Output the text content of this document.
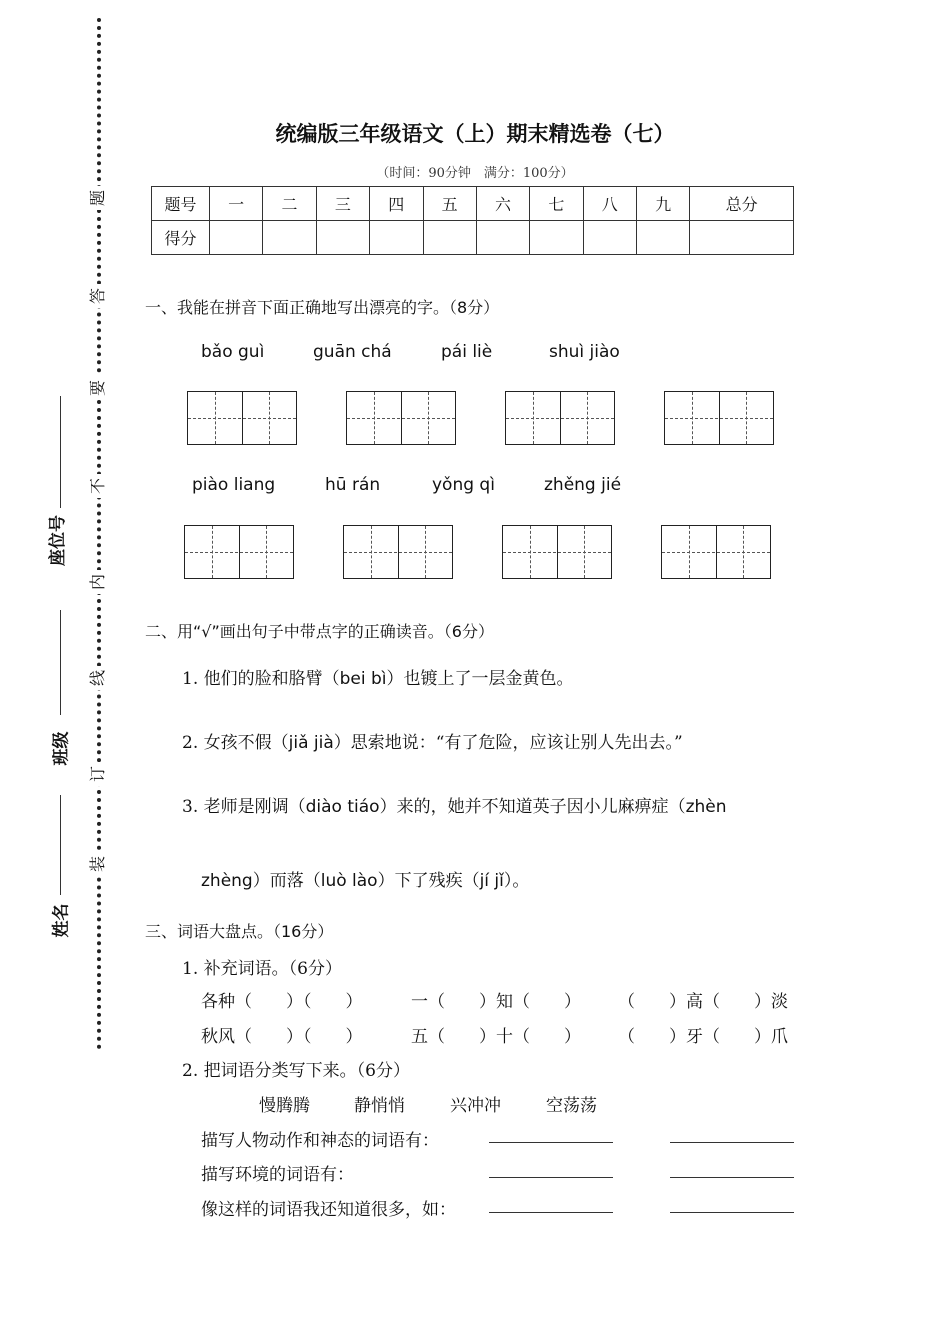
题
答
要
不
内
线
订
装
座位号
班级
姓名
统编版三年级语文（上）期末精选卷（七）
（时间：90分钟　满分：100分）
题号	一	二	三	四	五	六	七	八	九	总分
得分										
一、我能在拼音下面正确地写出漂亮的字。（8分）
bǎo guì	guān chá	pái liè	shuì jiào
piào liang	hū rán	yǒng qì	zhěng jié
二、用“√”画出句子中带点字的正确读音。（6分）
1. 他们的脸和胳臂（bei bì）也镀上了一层金黄色。
2. 女孩不假（jiǎ jià）思索地说：“有了危险，应该让别人先出去。”
3. 老师是刚调（diào tiáo）来的，她并不知道英子因小儿麻痹症（zhèn
zhèng）而落（luò lào）下了残疾（jí jǐ）。
三、词语大盘点。（16分）
1. 补充词语。（6分）
各种（　　）（　　）	一（　　）知（　　） （　　）高（　　）淡
秋风（　　）（　　）	五（　　）十（　　） （　　）牙（　　）爪
2. 把词语分类写下来。（6分）
慢腾腾	静悄悄	兴冲冲	空荡荡
描写人物动作和神态的词语有：
描写环境的词语有：
像这样的词语我还知道很多，如：
